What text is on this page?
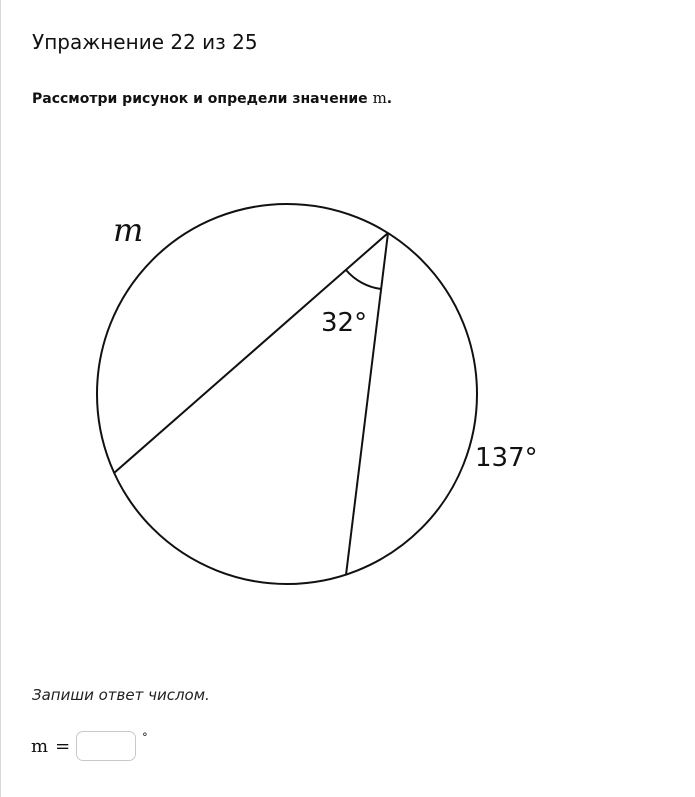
Упражнение 22 из 25
Рассмотри рисунок и определи значение m.
m
32°
137°
Запиши ответ числом.
m =	°
